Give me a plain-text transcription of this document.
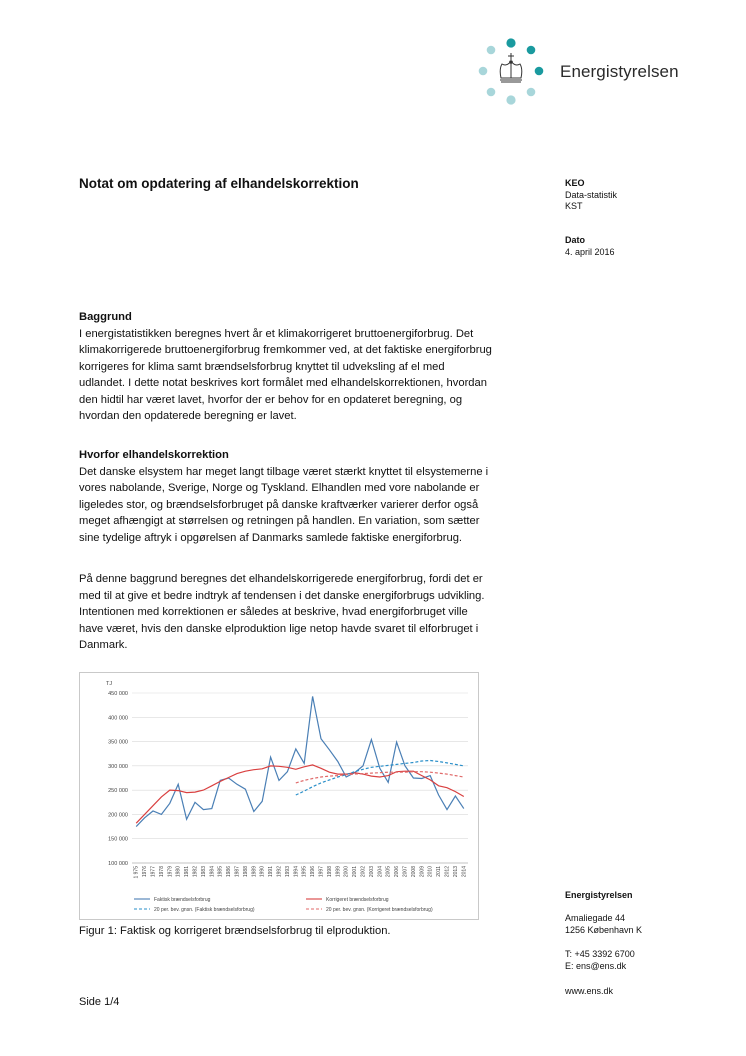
Energistyrelsen
Notat om opdatering af elhandelskorrektion	KEO
Data-statistik
KST
Dato
4. april 2016
Baggrund
I energistatistikken beregnes hvert år et klimakorrigeret bruttoenergiforbrug. Det
klimakorrigerede bruttoenergiforbrug fremkommer ved, at det faktiske energiforbrug
korrigeres for klima samt brændselsforbrug knyttet til udveksling af el med
udlandet. I dette notat beskrives kort formålet med elhandelskorrektionen, hvordan
den hidtil har været lavet, hvorfor der er behov for en opdateret beregning, og
hvordan den opdaterede beregning er lavet.
Hvorfor elhandelskorrektion
Det danske elsystem har meget langt tilbage været stærkt knyttet til elsystemerne i
vores nabolande, Sverige, Norge og Tyskland. Elhandlen med vore nabolande er
ligeledes stor, og brændselsforbruget på danske kraftværker varierer derfor også
meget afhængigt at størrelsen og retningen på handlen. En variation, som sætter
sine tydelige aftryk i opgørelsen af Danmarks samlede faktiske energiforbrug.
På denne baggrund beregnes det elhandelskorrigerede energiforbrug, fordi det er
med til at give et bedre indtryk af tendensen i det danske energiforbrugs udvikling.
Intentionen med korrektionen er således at beskrive, hvad energiforbruget ville
have været, hvis den danske elproduktion lige netop havde svaret til elforbruget i
Danmark.
TJ
100 000
150 000
200 000
250 000
300 000
350 000
400 000
450 000
1 975 1976 1977 1978 1979 1980 1981 1982 1983 1984 1985 1986 1987 1988 1989 1990 1991 1992 1993 1994 1995 1996 1997 1998 1999 2000 2001 2002 2003 2004 2005 2006 2007 2008 2009 2010 2011 2012 2013 2014
Faktisk brændselsforbrug	Korrigeret brændselsforbrug
20 per. bev. gnsn. (Faktisk brændselsforbrug)	20 per. bev. gnsn. (Korrigeret brændselsforbrug)
Figur 1: Faktisk og korrigeret brændselsforbrug til elproduktion.
Energistyrelsen
Amaliegade 44
1256 København K
T: +45 3392 6700
E: ens@ens.dk
www.ens.dk
Side 1/4
